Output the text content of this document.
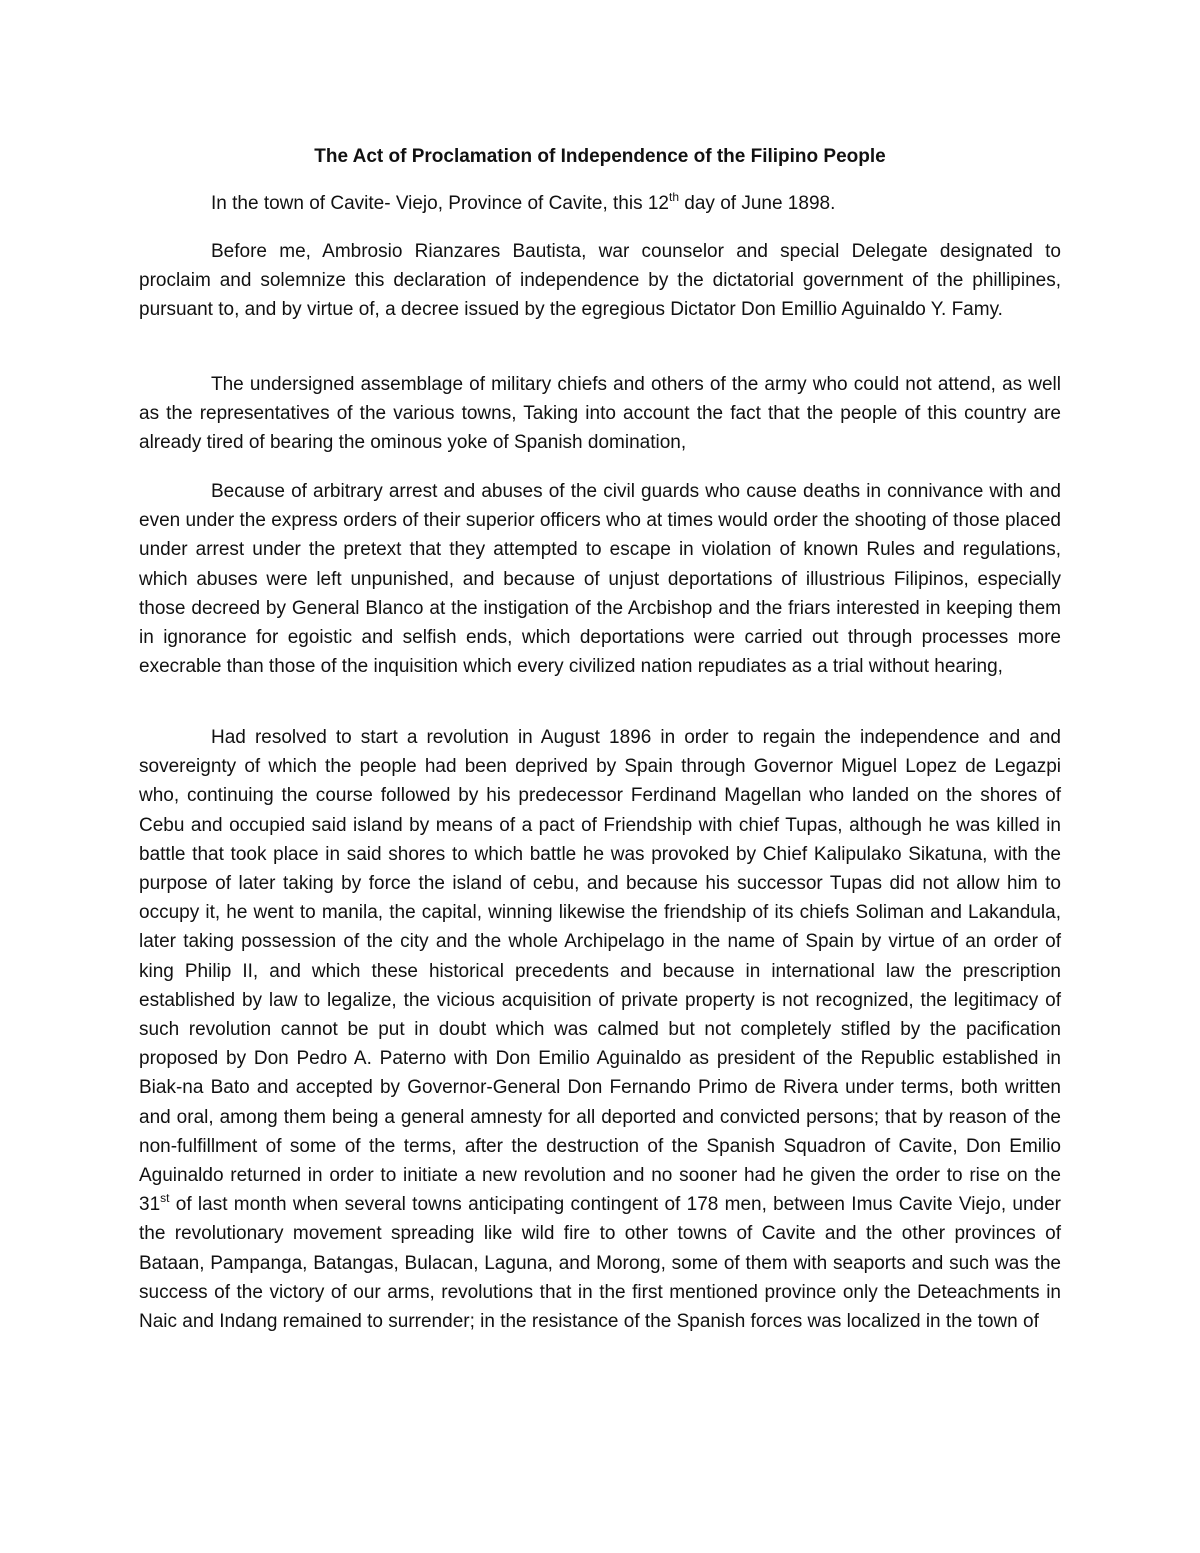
The Act of Proclamation of Independence of the Filipino People

In the town of Cavite- Viejo, Province of Cavite, this 12th day of June 1898.

Before me, Ambrosio Rianzares Bautista, war counselor and special Delegate designated to proclaim and solemnize this declaration of independence by the dictatorial government of the phillipines, pursuant to, and by virtue of, a decree issued by the egregious Dictator Don Emillio Aguinaldo Y. Famy.

The undersigned assemblage of military chiefs and others of the army who could not attend, as well as the representatives of the various towns, Taking into account the fact that the people of this country are already tired of bearing the ominous yoke of Spanish domination,

Because of arbitrary arrest and abuses of the civil guards who cause deaths in connivance with and even under the express orders of their superior officers who at times would order the shooting of those placed under arrest under the pretext that they attempted to escape in violation of known Rules and regulations, which abuses were left unpunished, and because of unjust deportations of illustrious Filipinos, especially those decreed by General Blanco at the instigation of the Arcbishop and the friars interested in keeping them in ignorance for egoistic and selfish ends, which deportations were carried out through processes more execrable than those of the inquisition which every civilized nation repudiates as a trial without hearing,

Had resolved to start a revolution in August 1896 in order to regain the independence and and sovereignty of which the people had been deprived by Spain through Governor Miguel Lopez de Legazpi who, continuing the course followed by his predecessor Ferdinand Magellan who landed on the shores of Cebu and occupied said island by means of a pact of Friendship with chief Tupas, although he was killed in battle that took place in said shores to which battle he was provoked by Chief Kalipulako Sikatuna, with the purpose of later taking by force the island of cebu, and because his successor Tupas did not allow him to occupy it, he went to manila, the capital, winning likewise the friendship of its chiefs Soliman and Lakandula, later taking possession of the city and the whole Archipelago in the name of Spain by virtue of an order of king Philip II, and which these historical precedents and because in international law the prescription established by law to legalize, the vicious acquisition of private property is not recognized, the legitimacy of such revolution cannot be put in doubt which was calmed but not completely stifled by the pacification proposed by Don Pedro A. Paterno with Don Emilio Aguinaldo as president of the Republic established in Biak-na Bato and accepted by Governor-General Don Fernando Primo de Rivera under terms, both written and oral, among them being a general amnesty for all deported and convicted persons; that by reason of the non-fulfillment of some of the terms, after the destruction of the Spanish Squadron of Cavite, Don Emilio Aguinaldo returned in order to initiate a new revolution and no sooner had he given the order to rise on the 31st of last month when several towns anticipating contingent of 178 men, between Imus Cavite Viejo, under the revolutionary movement spreading like wild fire to other towns of Cavite and the other provinces of Bataan, Pampanga, Batangas, Bulacan, Laguna, and Morong, some of them with seaports and such was the success of the victory of our arms, revolutions that in the first mentioned province only the Deteachments in Naic and Indang remained to surrender; in the resistance of the Spanish forces was localized in the town of
